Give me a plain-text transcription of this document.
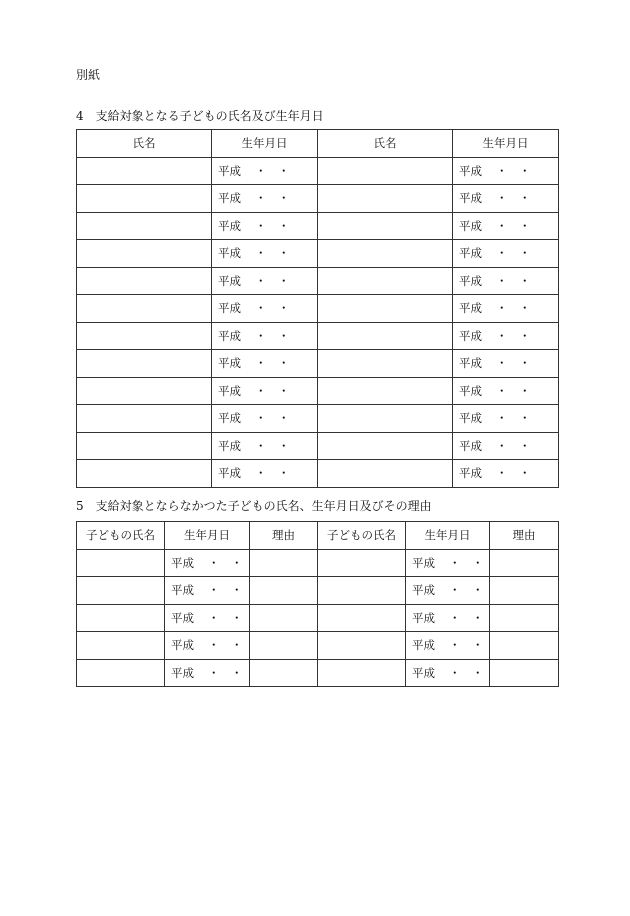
別紙
4　支給対象となる子どもの氏名及び生年月日
氏名	生年月日	氏名	生年月日
	平成 ・　・		平成 ・　・
	平成 ・　・		平成 ・　・
	平成 ・　・		平成 ・　・
	平成 ・　・		平成 ・　・
	平成 ・　・		平成 ・　・
	平成 ・　・		平成 ・　・
	平成 ・　・		平成 ・　・
	平成 ・　・		平成 ・　・
	平成 ・　・		平成 ・　・
	平成 ・　・		平成 ・　・
	平成 ・　・		平成 ・　・
	平成 ・　・		平成 ・　・
5　支給対象とならなかつた子どもの氏名、生年月日及びその理由
子どもの氏名	生年月日	理由	子どもの氏名	生年月日	理由
	平成 ・　・			平成 ・　・	
	平成 ・　・			平成 ・　・	
	平成 ・　・			平成 ・　・	
	平成 ・　・			平成 ・　・	
	平成 ・　・			平成 ・　・	
